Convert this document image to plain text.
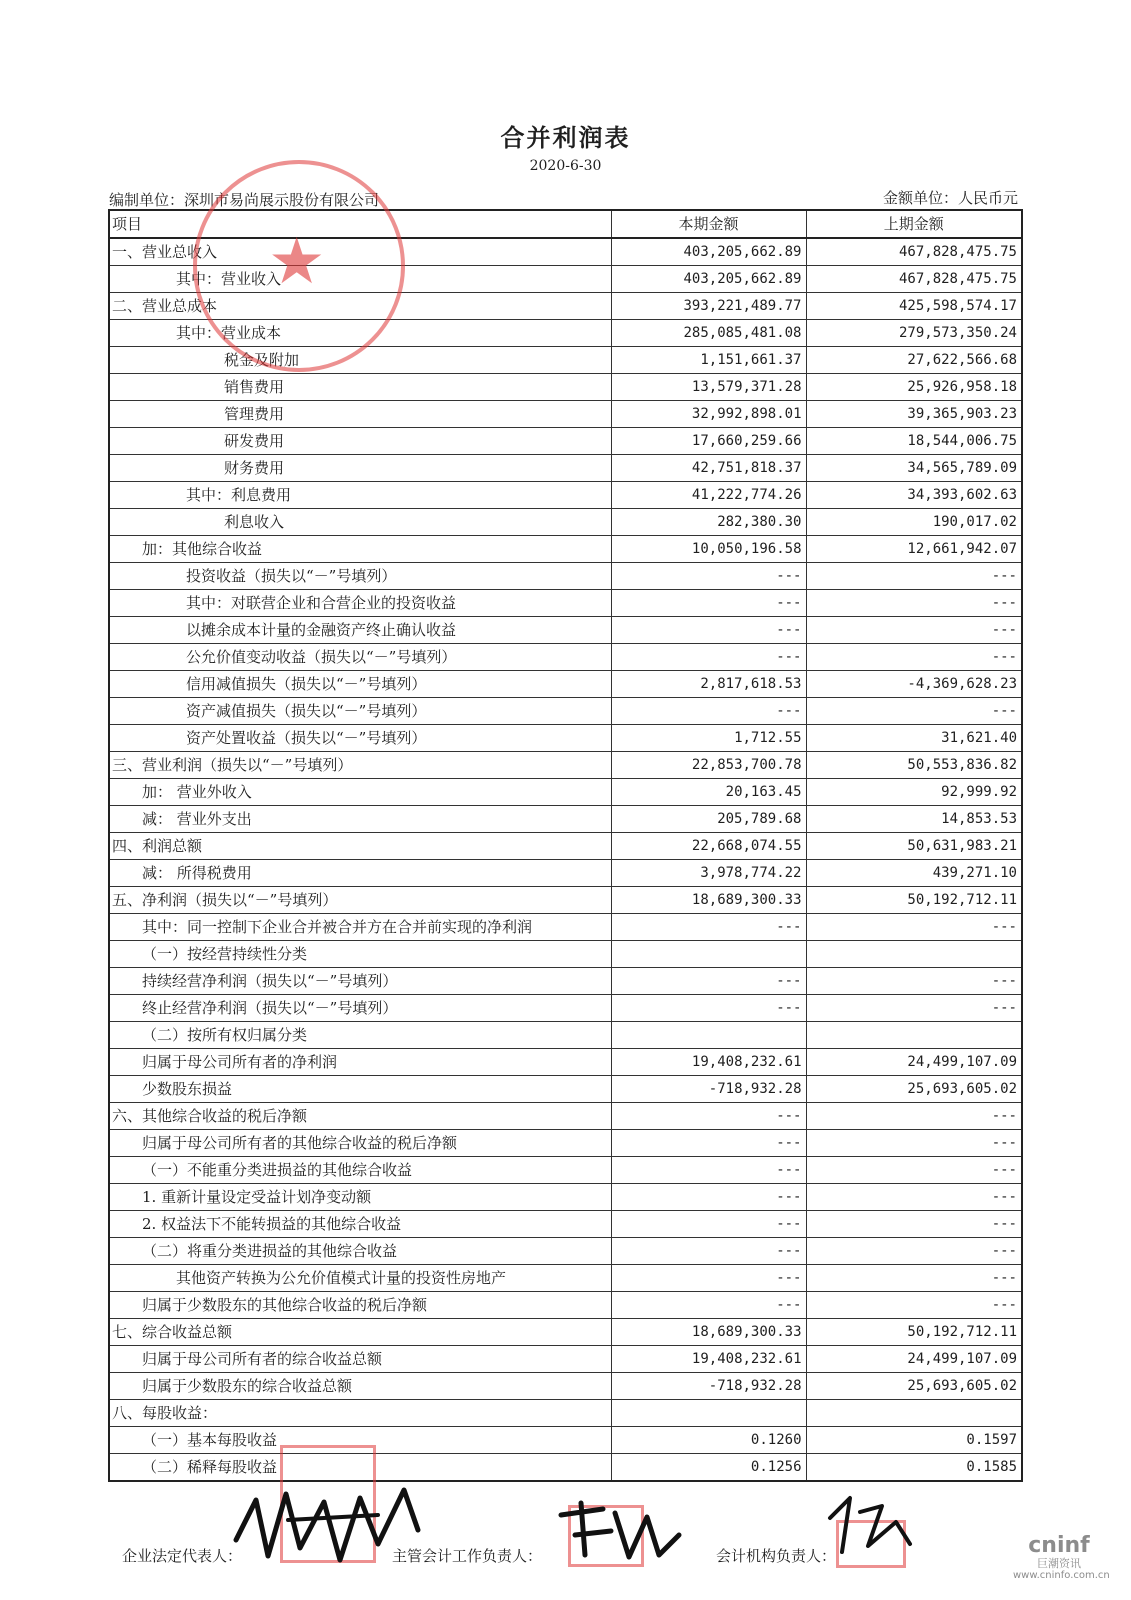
合并利润表
2020-6-30
编制单位：深圳市易尚展示股份有限公司	金额单位：人民币元
项目	本期金额	上期金额
一、营业总收入	403,205,662.89	467,828,475.75
其中：营业收入	403,205,662.89	467,828,475.75
二、营业总成本	393,221,489.77	425,598,574.17
其中：营业成本	285,085,481.08	279,573,350.24
税金及附加	1,151,661.37	27,622,566.68
销售费用	13,579,371.28	25,926,958.18
管理费用	32,992,898.01	39,365,903.23
研发费用	17,660,259.66	18,544,006.75
财务费用	42,751,818.37	34,565,789.09
其中：利息费用	41,222,774.26	34,393,602.63
利息收入	282,380.30	190,017.02
加：其他综合收益	10,050,196.58	12,661,942.07
投资收益（损失以“－”号填列）	---	---
其中：对联营企业和合营企业的投资收益	---	---
以摊余成本计量的金融资产终止确认收益	---	---
公允价值变动收益（损失以“－”号填列）	---	---
信用减值损失（损失以“－”号填列）	2,817,618.53	-4,369,628.23
资产减值损失（损失以“－”号填列）	---	---
资产处置收益（损失以“－”号填列）	1,712.55	31,621.40
三、营业利润（损失以“－”号填列）	22,853,700.78	50,553,836.82
加： 营业外收入	20,163.45	92,999.92
减： 营业外支出	205,789.68	14,853.53
四、利润总额	22,668,074.55	50,631,983.21
减： 所得税费用	3,978,774.22	439,271.10
五、净利润（损失以“－”号填列）	18,689,300.33	50,192,712.11
其中：同一控制下企业合并被合并方在合并前实现的净利润	---	---
（一）按经营持续性分类		
持续经营净利润（损失以“－”号填列）	---	---
终止经营净利润（损失以“－”号填列）	---	---
（二）按所有权归属分类		
归属于母公司所有者的净利润	19,408,232.61	24,499,107.09
少数股东损益	-718,932.28	25,693,605.02
六、其他综合收益的税后净额	---	---
归属于母公司所有者的其他综合收益的税后净额	---	---
（一）不能重分类进损益的其他综合收益	---	---
1. 重新计量设定受益计划净变动额	---	---
2. 权益法下不能转损益的其他综合收益	---	---
（二）将重分类进损益的其他综合收益	---	---
其他资产转换为公允价值模式计量的投资性房地产	---	---
归属于少数股东的其他综合收益的税后净额	---	---
七、综合收益总额	18,689,300.33	50,192,712.11
归属于母公司所有者的综合收益总额	19,408,232.61	24,499,107.09
归属于少数股东的综合收益总额	-718,932.28	25,693,605.02
八、每股收益：		
（一）基本每股收益	0.1260	0.1597
（二）稀释每股收益	0.1256	0.1585
★
企业法定代表人：	主管会计工作负责人：	会计机构负责人：	cninf
巨潮资讯
www.cninfo.com.cn
